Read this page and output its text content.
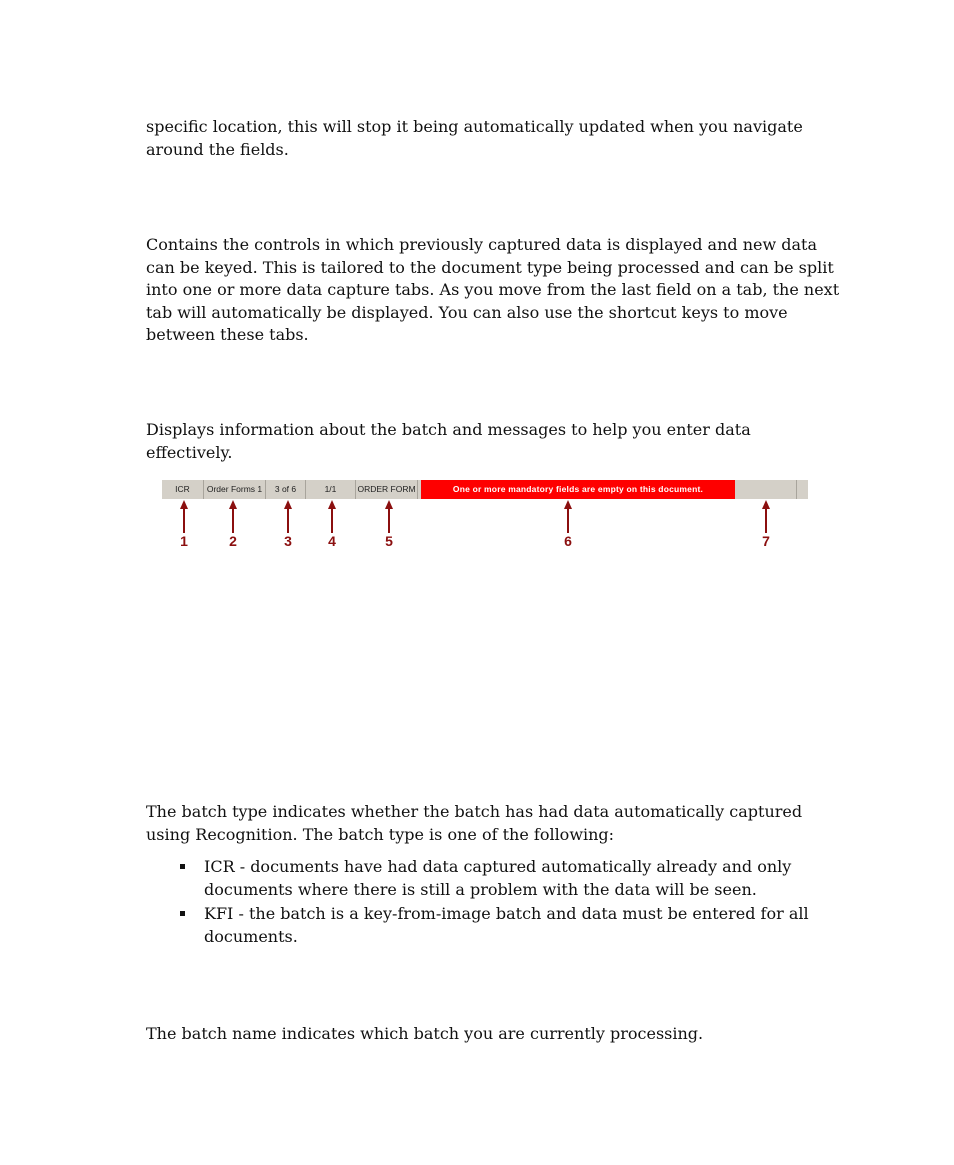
specific location, this will stop it being automatically updated when you navigate
around the fields.

Contains the controls in which previously captured data is displayed and new data
can be keyed. This is tailored to the document type being processed and can be split
into one or more data capture tabs. As you move from the last field on a tab, the next
tab will automatically be displayed. You can also use the shortcut keys to move
between these tabs.

Displays information about the batch and messages to help you enter data
effectively.

ICR	Order Forms 1	3 of 6	1/1	ORDER FORM	One or more mandatory fields are empty on this document.
1	2	3	4	5	6	7

The batch type indicates whether the batch has had data automatically captured
using Recognition. The batch type is one of the following:

ICR - documents have had data captured automatically already and only
documents where there is still a problem with the data will be seen.
KFI - the batch is a key-from-image batch and data must be entered for all
documents.

The batch name indicates which batch you are currently processing.
